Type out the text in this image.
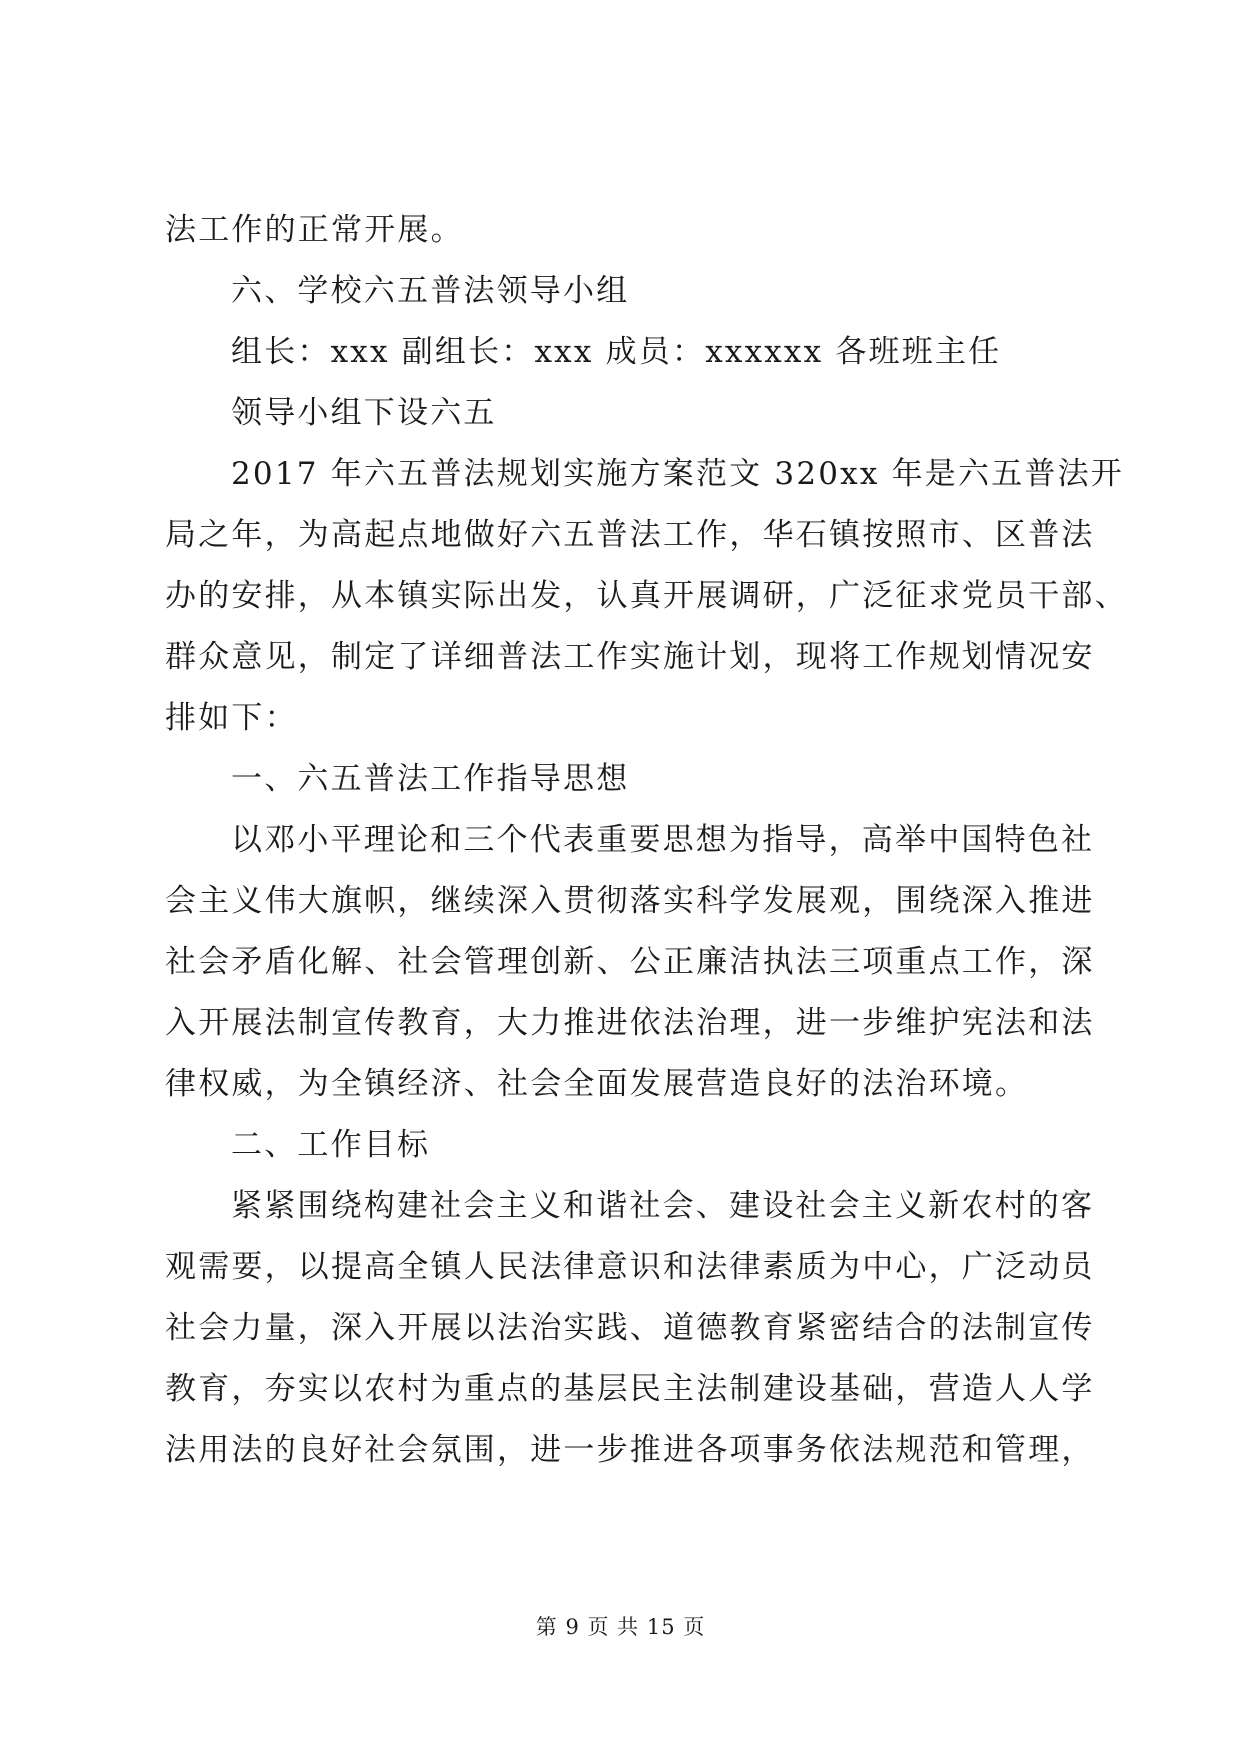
法工作的正常开展。
六、学校六五普法领导小组
组长：xxx 副组长：xxx 成员：xxxxxx 各班班主任
领导小组下设六五
2017 年六五普法规划实施方案范文 320xx 年是六五普法开
局之年，为高起点地做好六五普法工作，华石镇按照市、区普法
办的安排，从本镇实际出发，认真开展调研，广泛征求党员干部、
群众意见，制定了详细普法工作实施计划，现将工作规划情况安
排如下：
一、六五普法工作指导思想
以邓小平理论和三个代表重要思想为指导，高举中国特色社
会主义伟大旗帜，继续深入贯彻落实科学发展观，围绕深入推进
社会矛盾化解、社会管理创新、公正廉洁执法三项重点工作，深
入开展法制宣传教育，大力推进依法治理，进一步维护宪法和法
律权威，为全镇经济、社会全面发展营造良好的法治环境。
二、工作目标
紧紧围绕构建社会主义和谐社会、建设社会主义新农村的客
观需要，以提高全镇人民法律意识和法律素质为中心，广泛动员
社会力量，深入开展以法治实践、道德教育紧密结合的法制宣传
教育，夯实以农村为重点的基层民主法制建设基础，营造人人学
法用法的良好社会氛围，进一步推进各项事务依法规范和管理，
第 9 页 共 15 页
